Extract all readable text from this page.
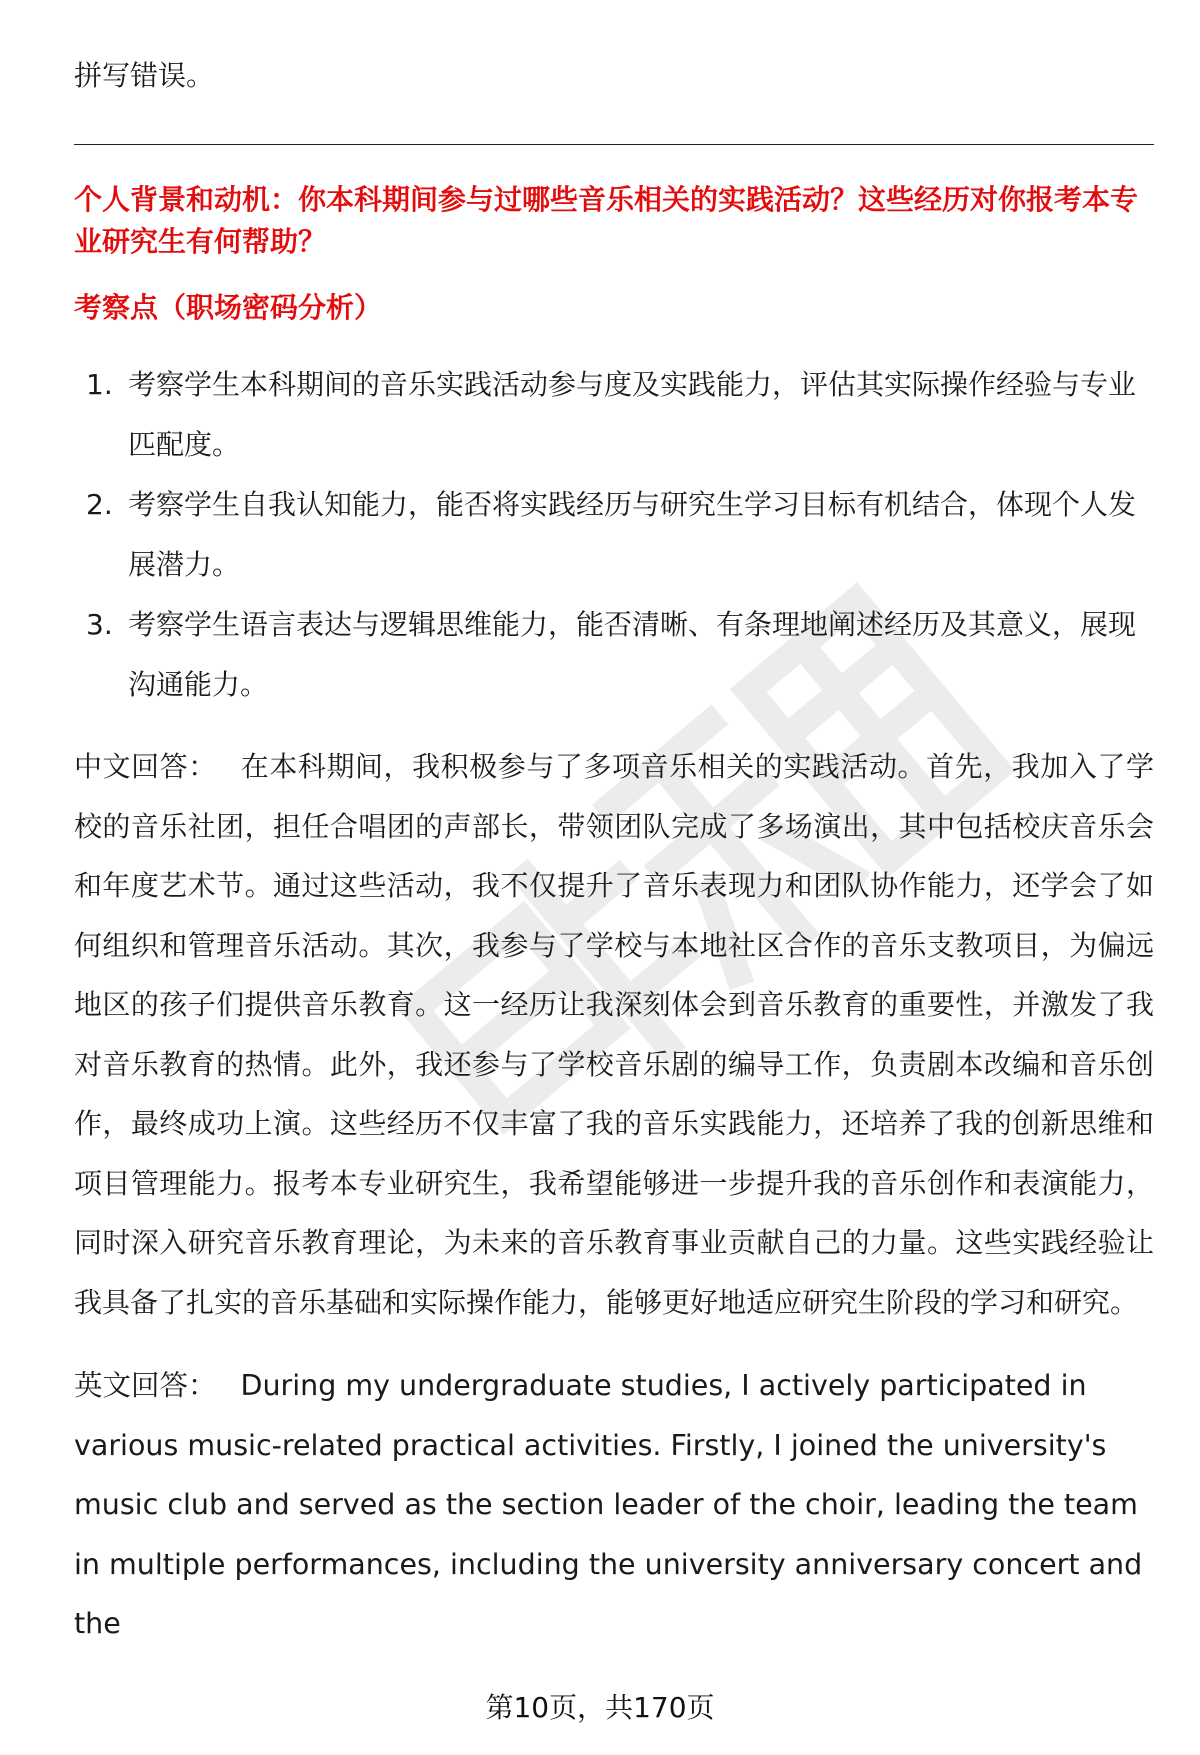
拼写错误。

个人背景和动机：你本科期间参与过哪些音乐相关的实践活动？这些经历对你报考本专业研究生有何帮助？

考察点（职场密码分析）

1. 考察学生本科期间的音乐实践活动参与度及实践能力，评估其实际操作经验与专业匹配度。
2. 考察学生自我认知能力，能否将实践经历与研究生学习目标有机结合，体现个人发展潜力。
3. 考察学生语言表达与逻辑思维能力，能否清晰、有条理地阐述经历及其意义，展现沟通能力。

中文回答： 在本科期间，我积极参与了多项音乐相关的实践活动。首先，我加入了学校的音乐社团，担任合唱团的声部长，带领团队完成了多场演出，其中包括校庆音乐会和年度艺术节。通过这些活动，我不仅提升了音乐表现力和团队协作能力，还学会了如何组织和管理音乐活动。其次，我参与了学校与本地社区合作的音乐支教项目，为偏远地区的孩子们提供音乐教育。这一经历让我深刻体会到音乐教育的重要性，并激发了我对音乐教育的热情。此外，我还参与了学校音乐剧的编导工作，负责剧本改编和音乐创作，最终成功上演。这些经历不仅丰富了我的音乐实践能力，还培养了我的创新思维和项目管理能力。报考本专业研究生，我希望能够进一步提升我的音乐创作和表演能力，同时深入研究音乐教育理论，为未来的音乐教育事业贡献自己的力量。这些实践经验让我具备了扎实的音乐基础和实际操作能力，能够更好地适应研究生阶段的学习和研究。

英文回答： During my undergraduate studies, I actively participated in various music-related practical activities. Firstly, I joined the university's music club and served as the section leader of the choir, leading the team in multiple performances, including the university anniversary concert and the

第10页，共170页
